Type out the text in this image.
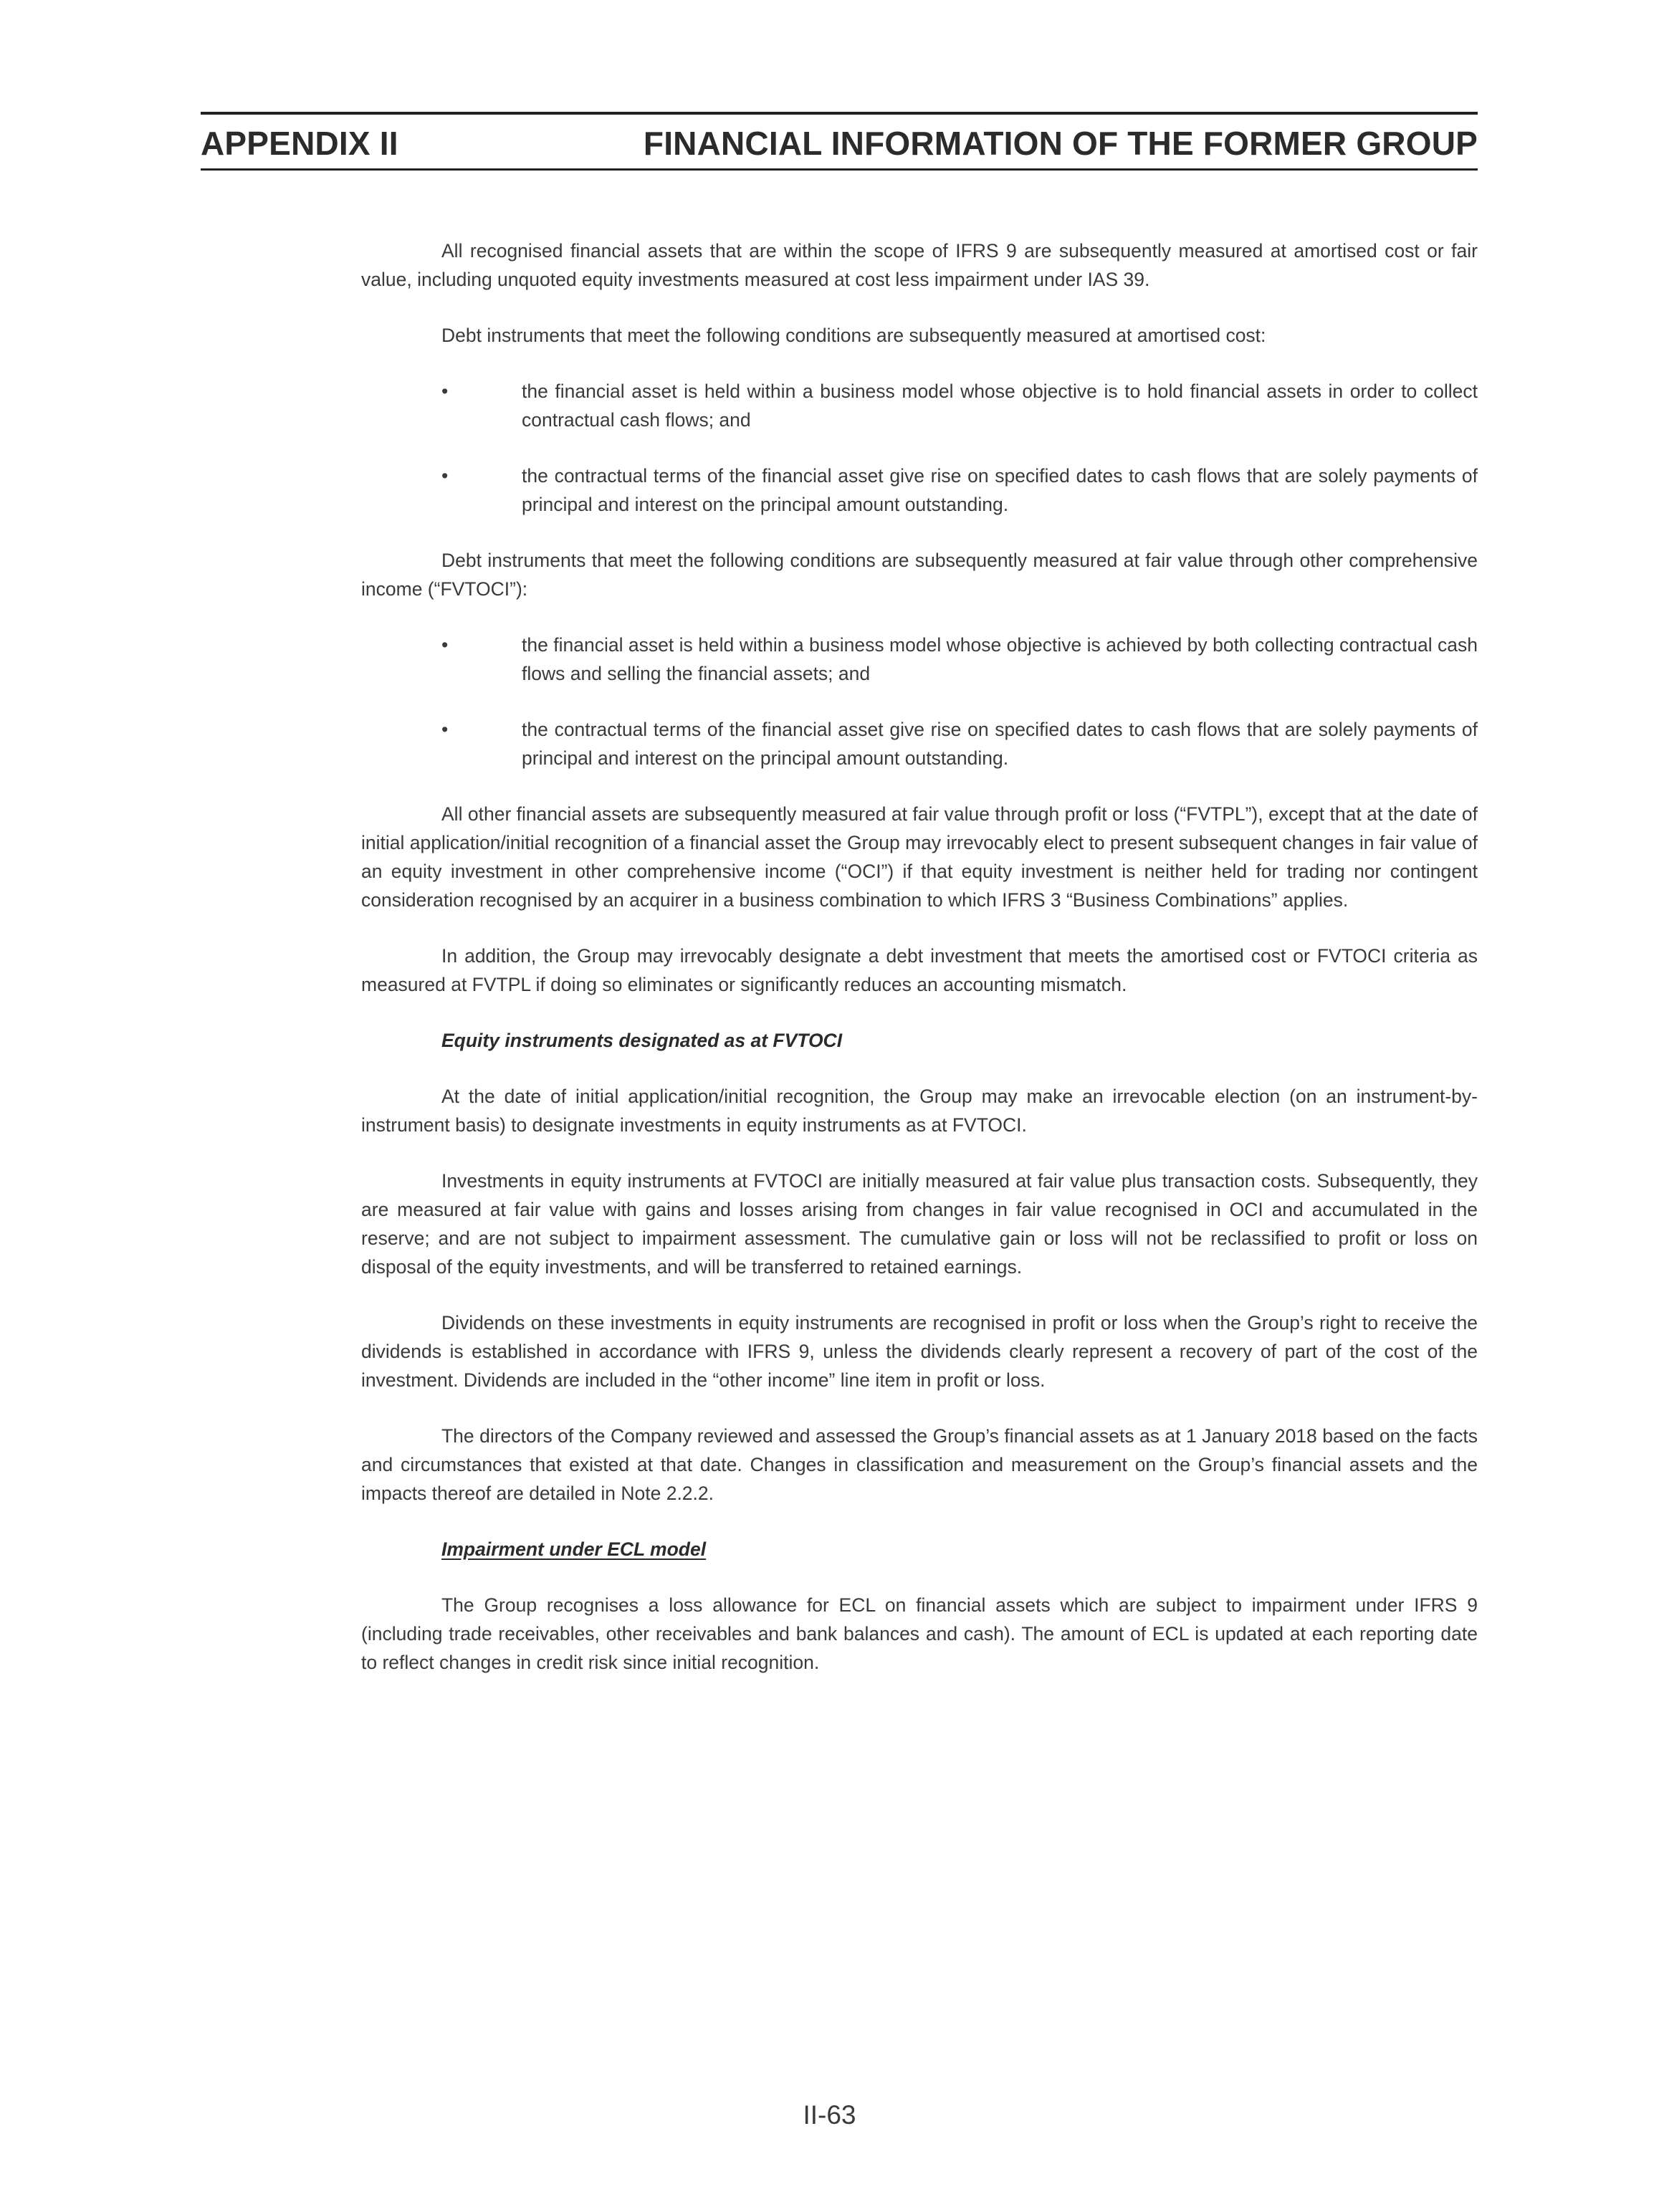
APPENDIX II	FINANCIAL INFORMATION OF THE FORMER GROUP

All recognised financial assets that are within the scope of IFRS 9 are subsequently measured at amortised cost or fair value, including unquoted equity investments measured at cost less impairment under IAS 39.

Debt instruments that meet the following conditions are subsequently measured at amortised cost:

•	the financial asset is held within a business model whose objective is to hold financial assets in order to collect contractual cash flows; and
•	the contractual terms of the financial asset give rise on specified dates to cash flows that are solely payments of principal and interest on the principal amount outstanding.

Debt instruments that meet the following conditions are subsequently measured at fair value through other comprehensive income (“FVTOCI”):

•	the financial asset is held within a business model whose objective is achieved by both collecting contractual cash flows and selling the financial assets; and
•	the contractual terms of the financial asset give rise on specified dates to cash flows that are solely payments of principal and interest on the principal amount outstanding.

All other financial assets are subsequently measured at fair value through profit or loss (“FVTPL”), except that at the date of initial application/initial recognition of a financial asset the Group may irrevocably elect to present subsequent changes in fair value of an equity investment in other comprehensive income (“OCI”) if that equity investment is neither held for trading nor contingent consideration recognised by an acquirer in a business combination to which IFRS 3 “Business Combinations” applies.

In addition, the Group may irrevocably designate a debt investment that meets the amortised cost or FVTOCI criteria as measured at FVTPL if doing so eliminates or significantly reduces an accounting mismatch.

Equity instruments designated as at FVTOCI

At the date of initial application/initial recognition, the Group may make an irrevocable election (on an instrument-by-instrument basis) to designate investments in equity instruments as at FVTOCI.

Investments in equity instruments at FVTOCI are initially measured at fair value plus transaction costs. Subsequently, they are measured at fair value with gains and losses arising from changes in fair value recognised in OCI and accumulated in the reserve; and are not subject to impairment assessment. The cumulative gain or loss will not be reclassified to profit or loss on disposal of the equity investments, and will be transferred to retained earnings.

Dividends on these investments in equity instruments are recognised in profit or loss when the Group’s right to receive the dividends is established in accordance with IFRS 9, unless the dividends clearly represent a recovery of part of the cost of the investment. Dividends are included in the “other income” line item in profit or loss.

The directors of the Company reviewed and assessed the Group’s financial assets as at 1 January 2018 based on the facts and circumstances that existed at that date. Changes in classification and measurement on the Group’s financial assets and the impacts thereof are detailed in Note 2.2.2.

Impairment under ECL model

The Group recognises a loss allowance for ECL on financial assets which are subject to impairment under IFRS 9 (including trade receivables, other receivables and bank balances and cash). The amount of ECL is updated at each reporting date to reflect changes in credit risk since initial recognition.

II-63
